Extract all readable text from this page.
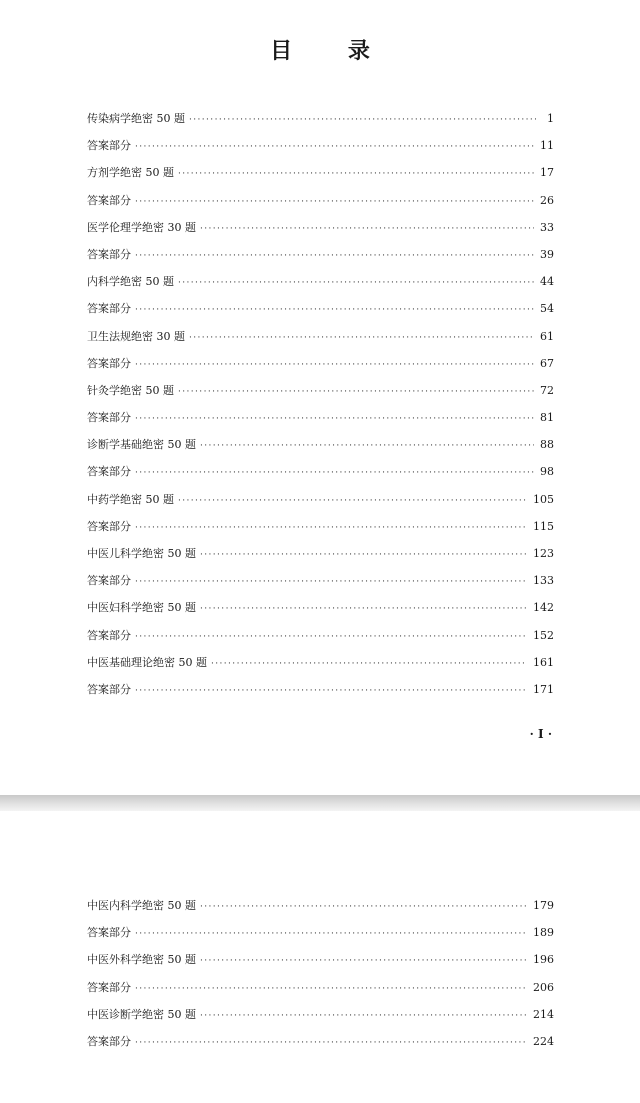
目 录
传染病学绝密 50 题 ·····	1
答案部分 ·····	11
方剂学绝密 50 题 ·····	17
答案部分 ·····	26
医学伦理学绝密 30 题 ·····	33
答案部分 ·····	39
内科学绝密 50 题 ·····	44
答案部分 ·····	54
卫生法规绝密 30 题 ·····	61
答案部分 ·····	67
针灸学绝密 50 题 ·····	72
答案部分 ·····	81
诊断学基础绝密 50 题 ·····	88
答案部分 ·····	98
中药学绝密 50 题 ·····	105
答案部分 ·····	115
中医儿科学绝密 50 题 ·····	123
答案部分 ·····	133
中医妇科学绝密 50 题 ·····	142
答案部分 ·····	152
中医基础理论绝密 50 题 ·····	161
答案部分 ·····	171
· Ⅰ ·
中医内科学绝密 50 题 ·····	179
答案部分 ·····	189
中医外科学绝密 50 题 ·····	196
答案部分 ·····	206
中医诊断学绝密 50 题 ·····	214
答案部分 ·····	224
